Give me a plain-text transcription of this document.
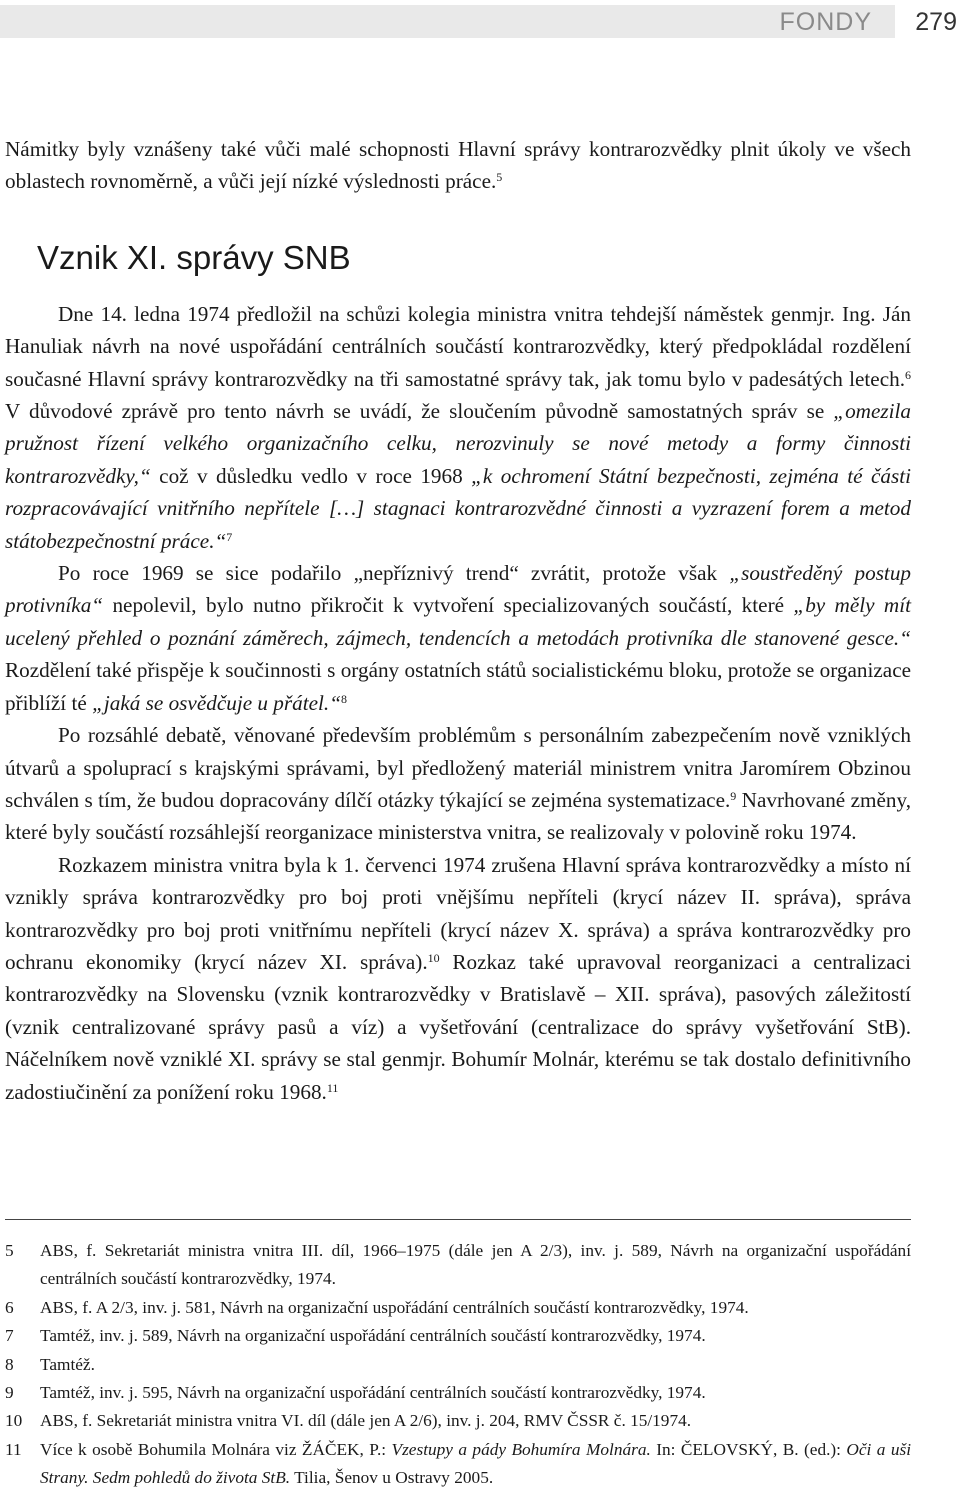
FONDY 279

Námitky byly vznášeny také vůči malé schopnosti Hlavní správy kontrarozvědky plnit úkoly ve všech oblastech rovnoměrně, a vůči její nízké výslednosti práce.$^5$

Vznik XI. správy SNB

Dne 14. ledna 1974 předložil na schůzi kolegia ministra vnitra tehdejší náměstek genmjr. Ing. Ján Hanuliak návrh na nové uspořádání centrálních součástí kontrarozvědky, který předpokládal rozdělení současné Hlavní správy kontrarozvědky na tři samostatné správy tak, jak tomu bylo v padesátých letech.$^6$ V důvodové zprávě pro tento návrh se uvádí, že sloučením původně samostatných správ se „omezila pružnost řízení velkého organizačního celku, nerozvinuly se nové metody a formy činnosti kontrarozvědky,“ což v důsledku vedlo v roce 1968 „k ochromení Státní bezpečnosti, zejména té části rozpracovávající vnitřního nepřítele […] stagnaci kontrarozvědné činnosti a vyzrazení forem a metod státobezpečnostní práce.“$^7$

Po roce 1969 se sice podařilo „nepříznivý trend“ zvrátit, protože však „soustředěný postup protivníka“ nepolevil, bylo nutno přikročit k vytvoření specializovaných součástí, které „by měly mít ucelený přehled o poznání záměrech, zájmech, tendencích a metodách protivníka dle stanovené gesce.“ Rozdělení také přispěje k součinnosti s orgány ostatních států socialistickému bloku, protože se organizace přiblíží té „jaká se osvědčuje u přátel.“$^8$

Po rozsáhlé debatě, věnované především problémům s personálním zabezpečením nově vzniklých útvarů a spoluprací s krajskými správami, byl předložený materiál ministrem vnitra Jaromírem Obzinou schválen s tím, že budou dopracovány dílčí otázky týkající se zejména systematizace.$^9$ Navrhované změny, které byly součástí rozsáhlejší reorganizace ministerstva vnitra, se realizovaly v polovině roku 1974.

Rozkazem ministra vnitra byla k 1. červenci 1974 zrušena Hlavní správa kontrarozvědky a místo ní vznikly správa kontrarozvědky pro boj proti vnějšímu nepříteli (krycí název II. správa), správa kontrarozvědky pro boj proti vnitřnímu nepříteli (krycí název X. správa) a správa kontrarozvědky pro ochranu ekonomiky (krycí název XI. správa).$^{10}$ Rozkaz také upravoval reorganizaci a centralizaci kontrarozvědky na Slovensku (vznik kontrarozvědky v Bratislavě – XII. správa), pasových záležitostí (vznik centralizované správy pasů a víz) a vyšetřování (centralizace do správy vyšetřování StB). Náčelníkem nově vzniklé XI. správy se stal genmjr. Bohumír Molnár, kterému se tak dostalo definitivního zadostiučinění za ponížení roku 1968.11

5 ABS, f. Sekretariát ministra vnitra III. díl, 1966–1975 (dále jen A 2/3), inv. j. 589, Návrh na organizační uspořádání centrálních součástí kontrarozvědky, 1974.
6 ABS, f. A 2/3, inv. j. 581, Návrh na organizační uspořádání centrálních součástí kontrarozvědky, 1974.
7 Tamtéž, inv. j. 589, Návrh na organizační uspořádání centrálních součástí kontrarozvědky, 1974.
8 Tamtéž.
9 Tamtéž, inv. j. 595, Návrh na organizační uspořádání centrálních součástí kontrarozvědky, 1974.
10 ABS, f. Sekretariát ministra vnitra VI. díl (dále jen A 2/6), inv. j. 204, RMV ČSSR č. 15/1974.
11 Více k osobě Bohumila Molnára viz ŽÁČEK, P.: Vzestupy a pády Bohumíra Molnára. In: ČELOVSKÝ, B. (ed.): Oči a uši Strany. Sedm pohledů do života StB. Tilia, Šenov u Ostravy 2005.
